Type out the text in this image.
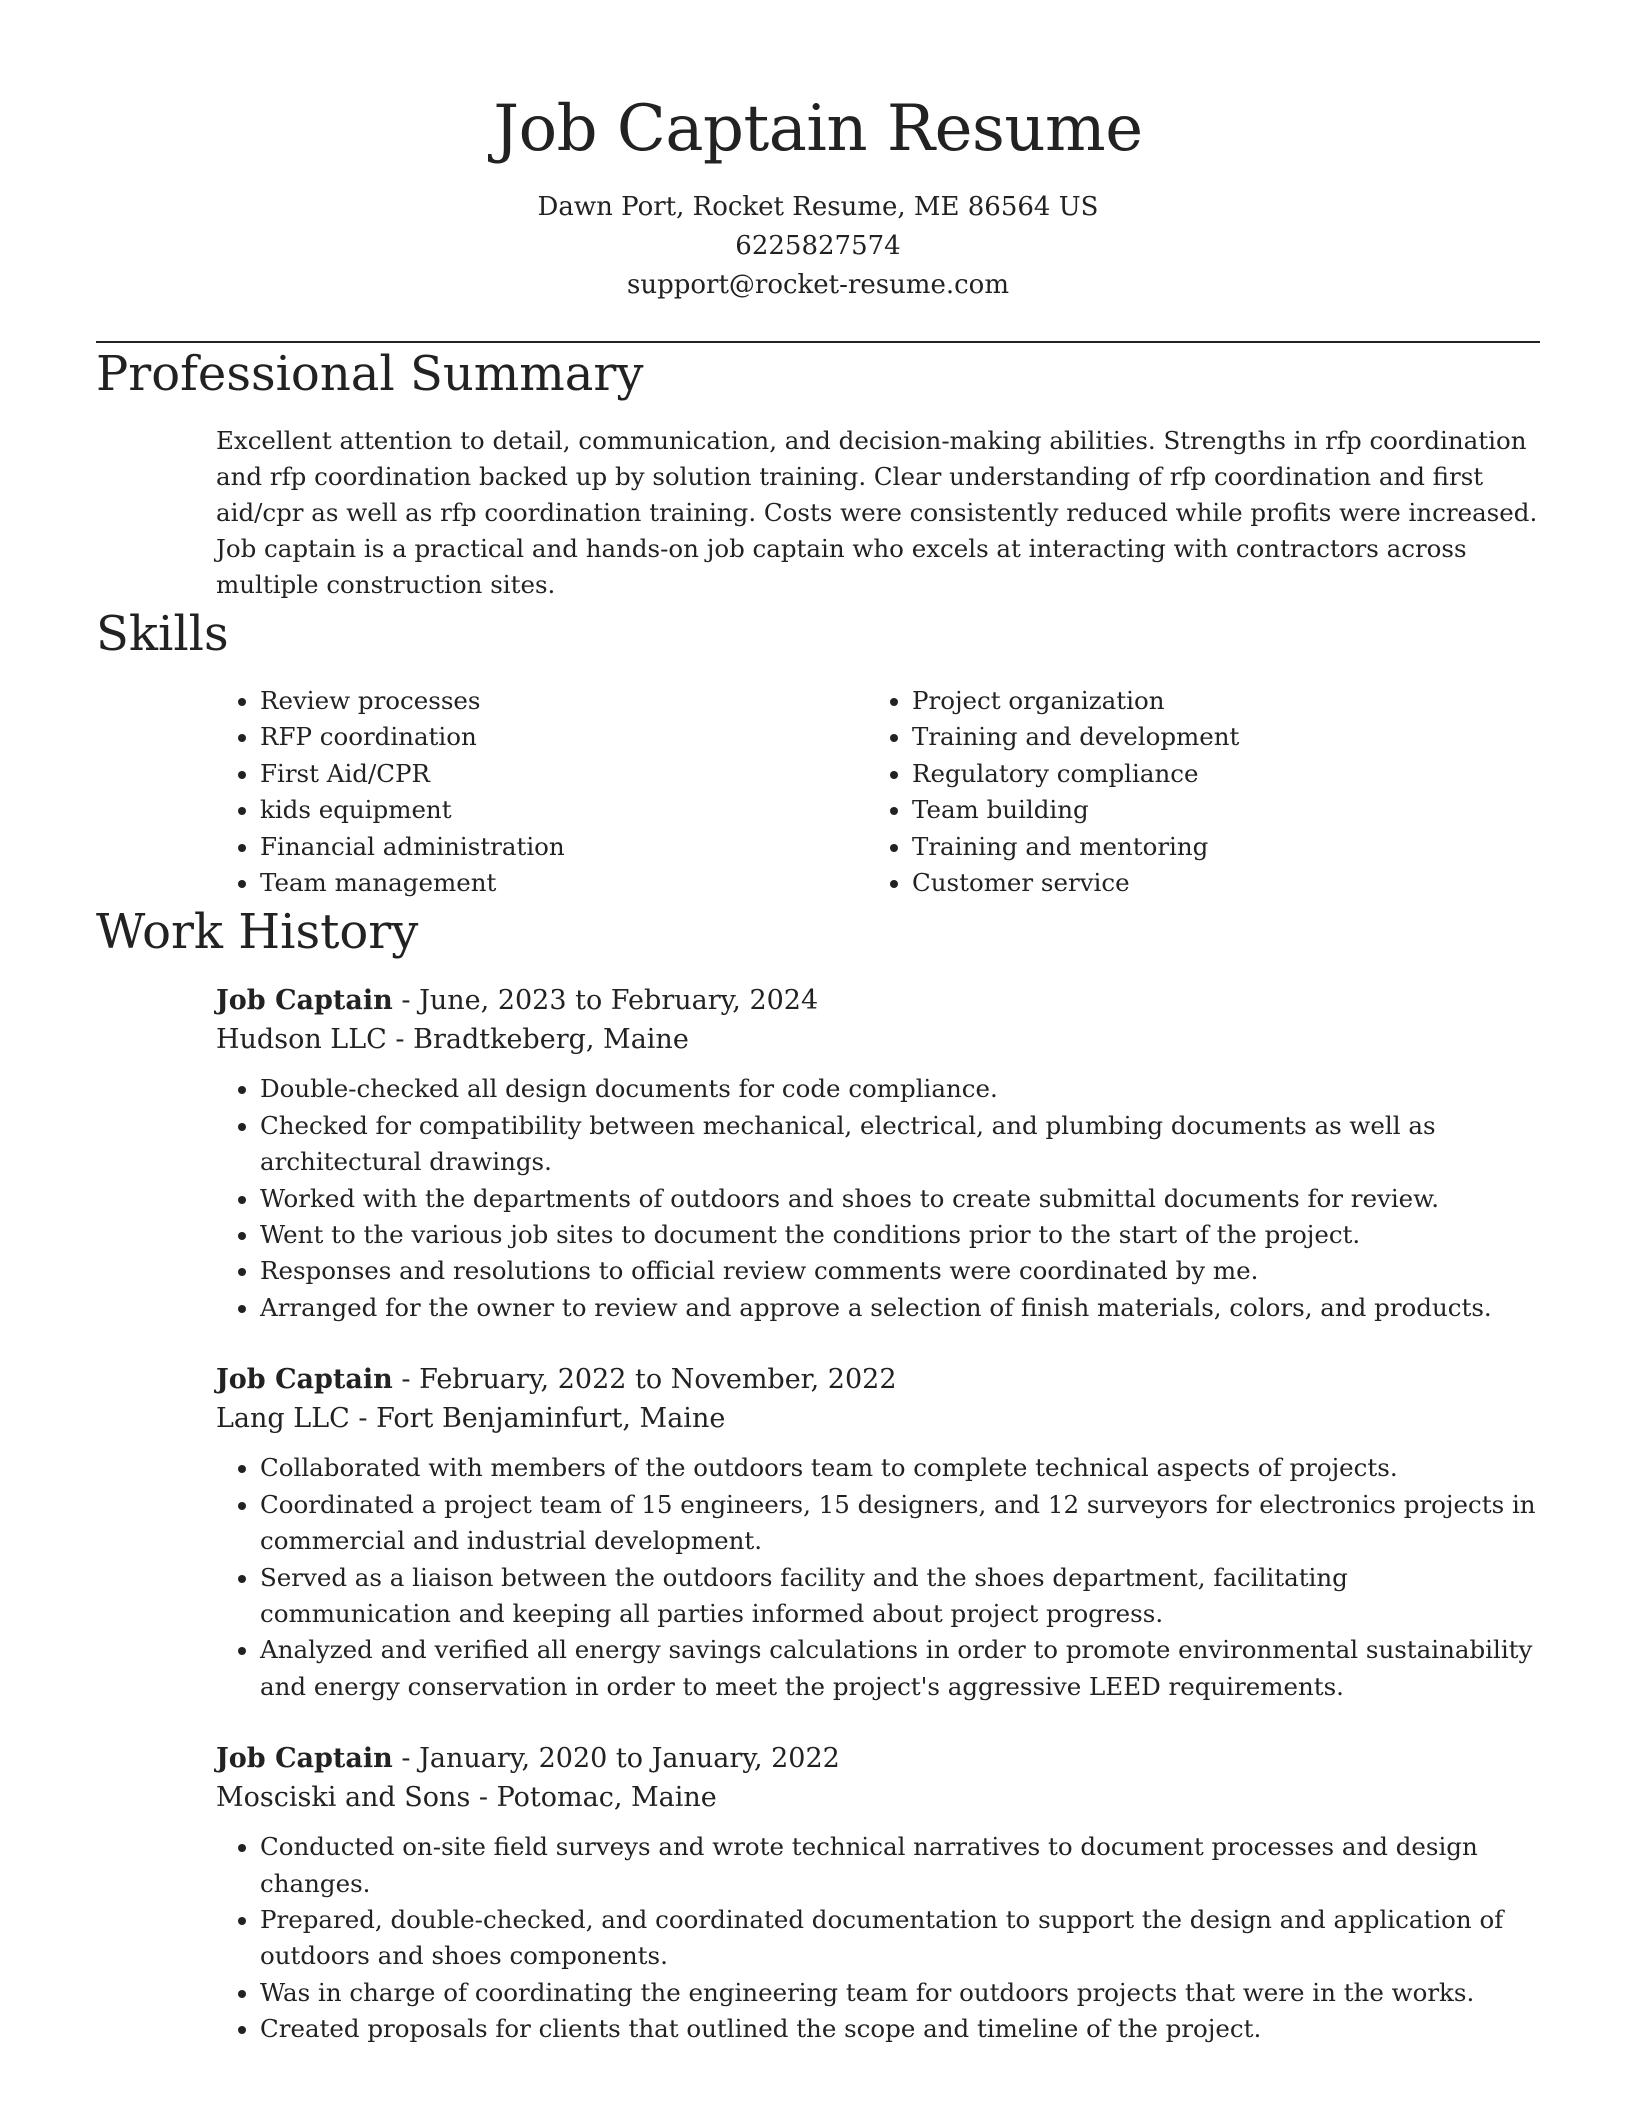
Job Captain Resume
Dawn Port, Rocket Resume, ME 86564 US
6225827574
support@rocket-resume.com
Professional Summary

Excellent attention to detail, communication, and decision-making abilities. Strengths in rfp coordination and rfp coordination backed up by solution training. Clear understanding of rfp coordination and first aid/cpr as well as rfp coordination training. Costs were consistently reduced while profits were increased. Job captain is a practical and hands-on job captain who excels at interacting with contractors across multiple construction sites.

Skills
• Review processes
• RFP coordination
• First Aid/CPR
• kids equipment
• Financial administration
• Team management
• Project organization
• Training and development
• Regulatory compliance
• Team building
• Training and mentoring
• Customer service
Work History
Job Captain - June, 2023 to February, 2024
Hudson LLC - Bradtkeberg, Maine
• Double-checked all design documents for code compliance.
• Checked for compatibility between mechanical, electrical, and plumbing documents as well as architectural drawings.
• Worked with the departments of outdoors and shoes to create submittal documents for review.
• Went to the various job sites to document the conditions prior to the start of the project.
• Responses and resolutions to official review comments were coordinated by me.
• Arranged for the owner to review and approve a selection of finish materials, colors, and products.
Job Captain - February, 2022 to November, 2022
Lang LLC - Fort Benjaminfurt, Maine
• Collaborated with members of the outdoors team to complete technical aspects of projects.
• Coordinated a project team of 15 engineers, 15 designers, and 12 surveyors for electronics projects in commercial and industrial development.
• Served as a liaison between the outdoors facility and the shoes department, facilitating communication and keeping all parties informed about project progress.
• Analyzed and verified all energy savings calculations in order to promote environmental sustainability and energy conservation in order to meet the project's aggressive LEED requirements.
Job Captain - January, 2020 to January, 2022
Mosciski and Sons - Potomac, Maine
• Conducted on-site field surveys and wrote technical narratives to document processes and design changes.
• Prepared, double-checked, and coordinated documentation to support the design and application of outdoors and shoes components.
• Was in charge of coordinating the engineering team for outdoors projects that were in the works.
• Created proposals for clients that outlined the scope and timeline of the project.
